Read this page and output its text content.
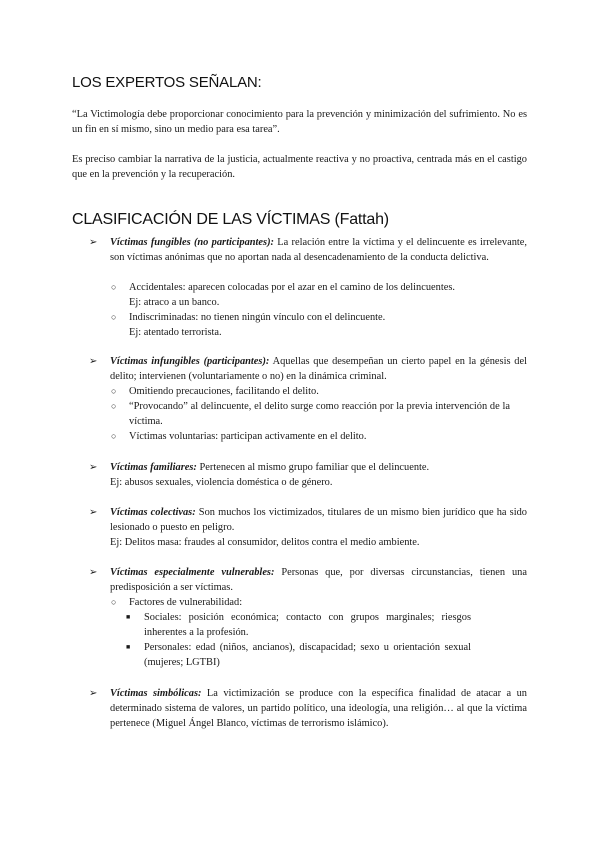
LOS EXPERTOS SEÑALAN:
“La Victimología debe proporcionar conocimiento para la prevención y minimización del sufrimiento. No es un fin en sí mismo, sino un medio para esa tarea”.
Es preciso cambiar la narrativa de la justicia, actualmente reactiva y no proactiva, centrada más en el castigo que en la prevención y la recuperación.
CLASIFICACIÓN DE LAS VÍCTIMAS (Fattah)
➢ Víctimas fungibles (no participantes): La relación entre la víctima y el delincuente es irrelevante, son víctimas anónimas que no aportan nada al desencadenamiento de la conducta delictiva.
○ Accidentales: aparecen colocadas por el azar en el camino de los delincuentes.
Ej: atraco a un banco.
○ Indiscriminadas: no tienen ningún vínculo con el delincuente.
Ej: atentado terrorista.
➢ Víctimas infungibles (participantes): Aquellas que desempeñan un cierto papel en la génesis del delito; intervienen (voluntariamente o no) en la dinámica criminal.
○ Omitiendo precauciones, facilitando el delito.
○ “Provocando” al delincuente, el delito surge como reacción por la previa intervención de la víctima.
○ Víctimas voluntarias: participan activamente en el delito.
➢ Víctimas familiares: Pertenecen al mismo grupo familiar que el delincuente.
Ej: abusos sexuales, violencia doméstica o de género.
➢ Víctimas colectivas: Son muchos los victimizados, titulares de un mismo bien jurídico que ha sido lesionado o puesto en peligro.
Ej: Delitos masa: fraudes al consumidor, delitos contra el medio ambiente.
➢ Víctimas especialmente vulnerables: Personas que, por diversas circunstancias, tienen una predisposición a ser víctimas.
○ Factores de vulnerabilidad:
■ Sociales: posición económica; contacto con grupos marginales; riesgos inherentes a la profesión.
■ Personales: edad (niños, ancianos), discapacidad; sexo u orientación sexual (mujeres; LGTBI)
➢ Víctimas simbólicas: La victimización se produce con la específica finalidad de atacar a un determinado sistema de valores, un partido político, una ideología, una religión… al que la víctima pertenece (Miguel Ángel Blanco, víctimas de terrorismo islámico).
